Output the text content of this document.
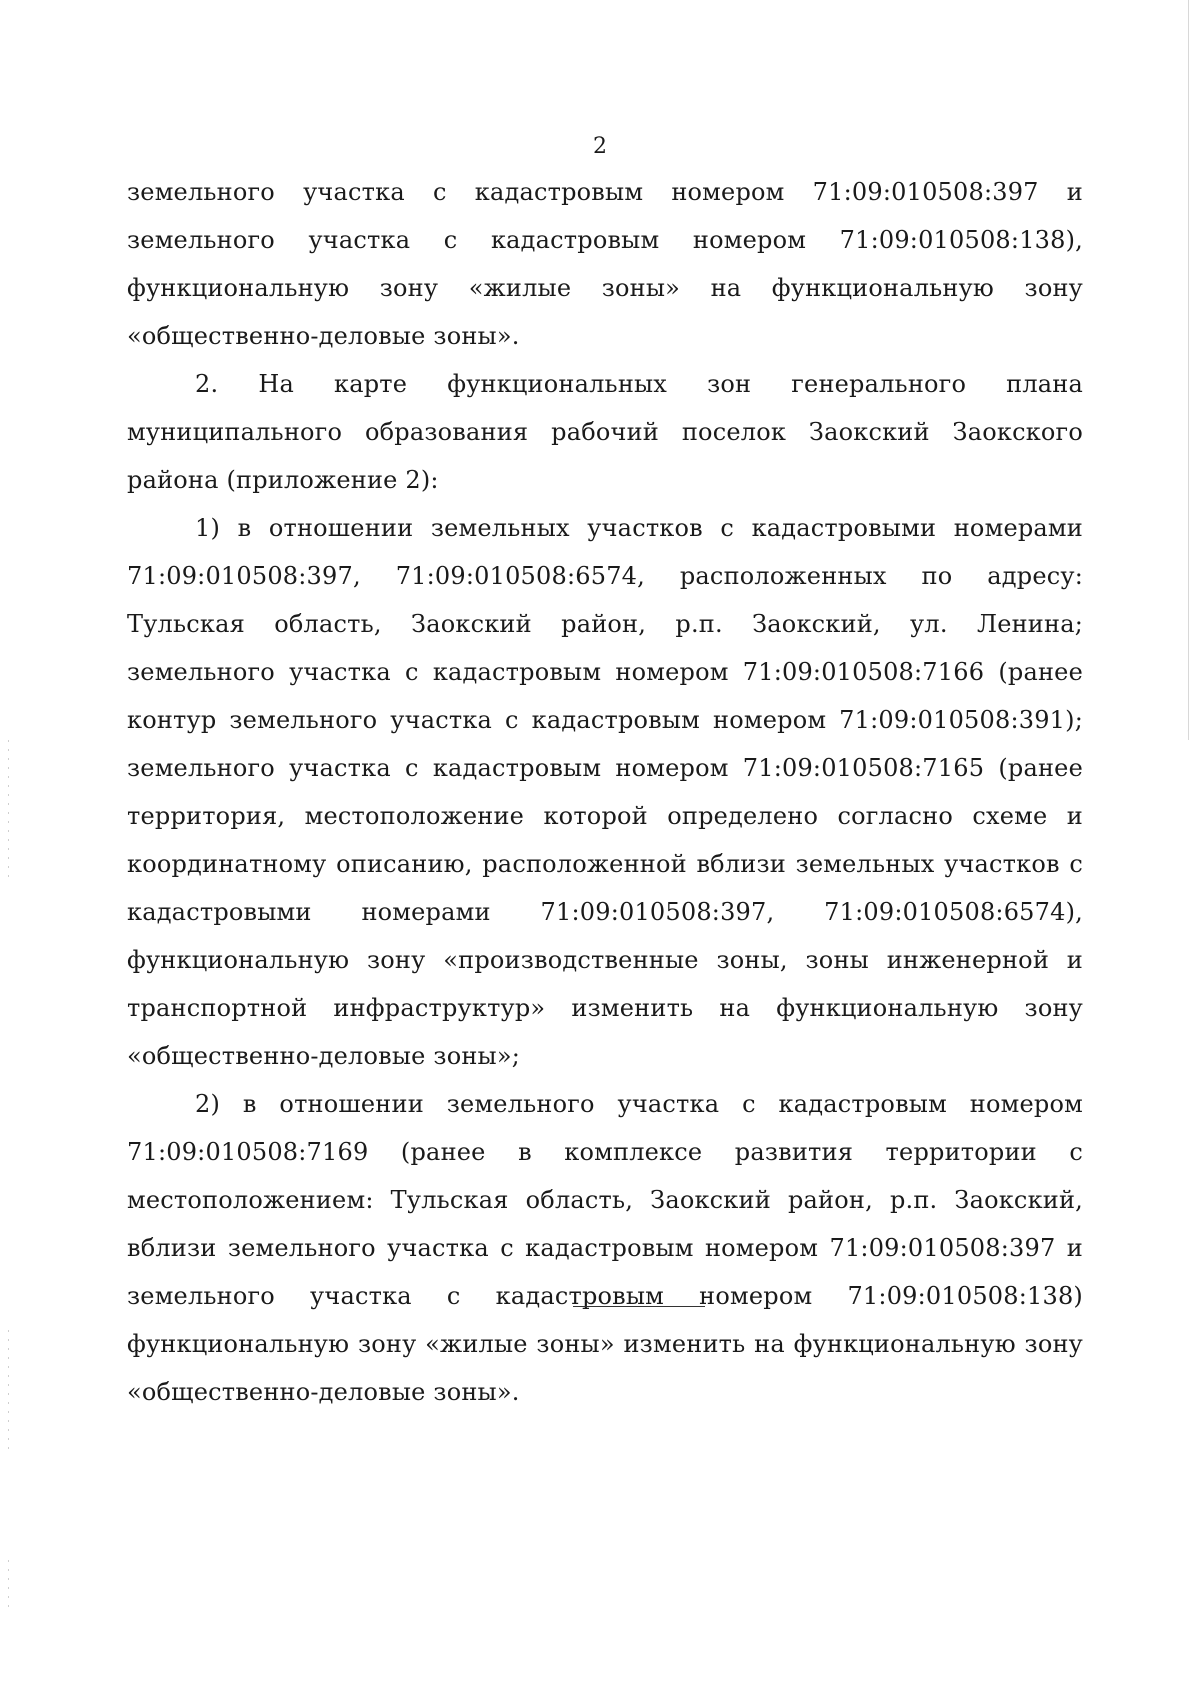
2

земельного участка с кадастровым номером 71:09:010508:397 и земельного участка с кадастровым номером 71:09:010508:138), функциональную зону «жилые зоны» на функциональную зону «общественно-деловые зоны».

2. На карте функциональных зон генерального плана муниципального образования рабочий поселок Заокский Заокского района (приложение 2):

1) в отношении земельных участков с кадастровыми номерами 71:09:010508:397, 71:09:010508:6574, расположенных по адресу: Тульская область, Заокский район, р.п. Заокский, ул. Ленина; земельного участка с кадастровым номером 71:09:010508:7166 (ранее контур земельного участка с кадастровым номером 71:09:010508:391); земельного участка с кадастровым номером 71:09:010508:7165 (ранее территория, местоположение которой определено согласно схеме и координатному описанию, расположенной вблизи земельных участков с кадастровыми номерами 71:09:010508:397, 71:09:010508:6574), функциональную зону «производственные зоны, зоны инженерной и транспортной инфраструктур» изменить на функциональную зону «общественно-деловые зоны»;

2) в отношении земельного участка с кадастровым номером 71:09:010508:7169 (ранее в комплексе развития территории с местоположением: Тульская область, Заокский район, р.п. Заокский, вблизи земельного участка с кадастровым номером 71:09:010508:397 и земельного участка с кадастровым номером 71:09:010508:138) функциональную зону «жилые зоны» изменить на функциональную зону «общественно-деловые зоны».
